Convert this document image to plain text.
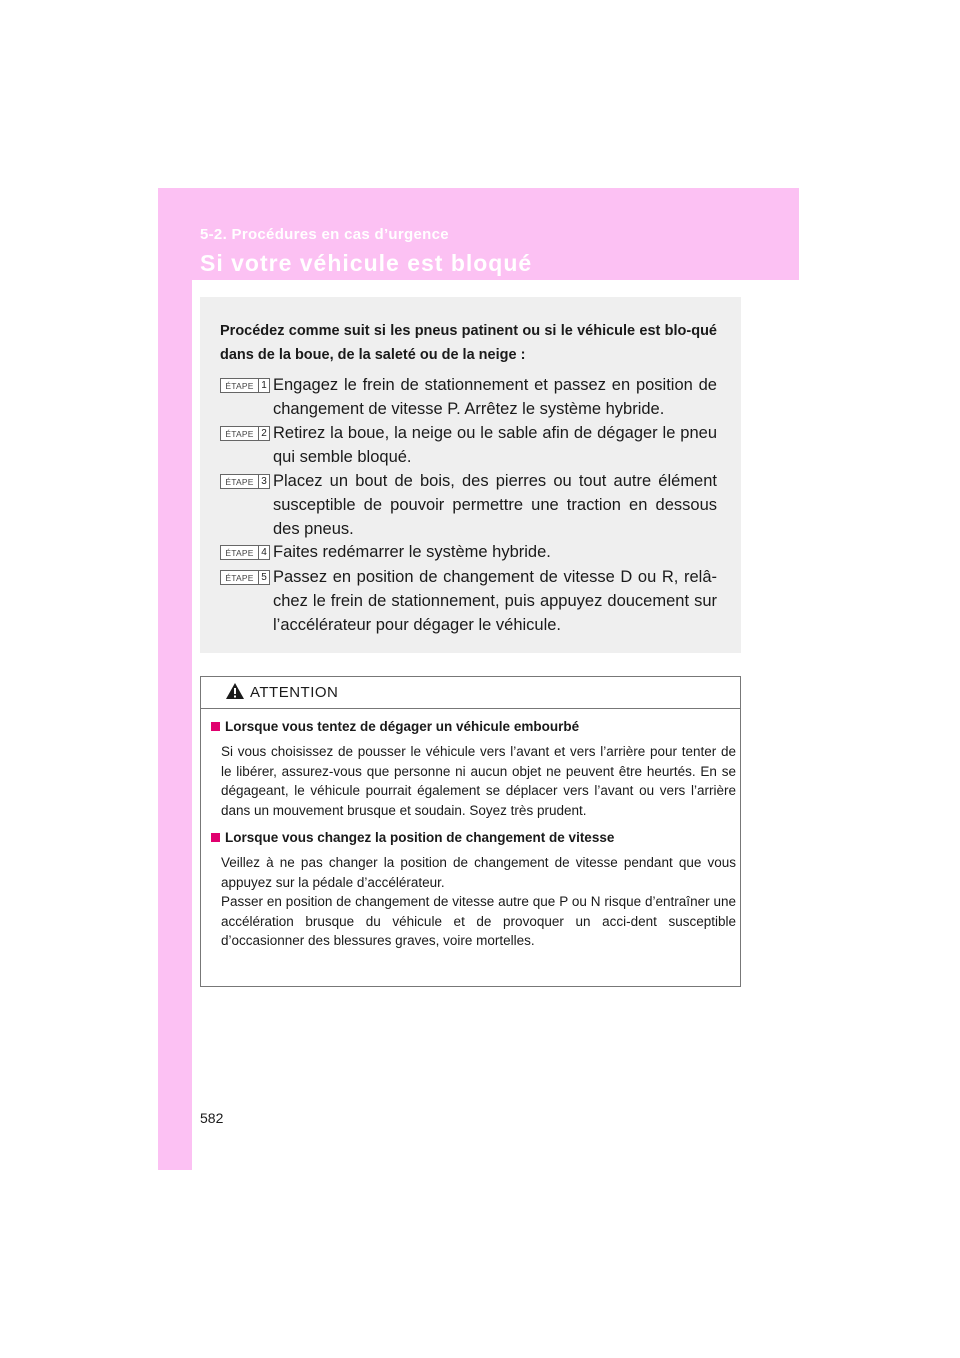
5-2. Procédures en cas d’urgence
Si votre véhicule est bloqué
Procédez comme suit si les pneus patinent ou si le véhicule est blo-qué dans de la boue, de la saleté ou de la neige :
ÉTAPE 1 Engagez le frein de stationnement et passez en position de changement de vitesse P. Arrêtez le système hybride.
ÉTAPE 2 Retirez la boue, la neige ou le sable afin de dégager le pneu qui semble bloqué.
ÉTAPE 3 Placez un bout de bois, des pierres ou tout autre élément susceptible de pouvoir permettre une traction en dessous des pneus.
ÉTAPE 4 Faites redémarrer le système hybride.
ÉTAPE 5 Passez en position de changement de vitesse D ou R, relâ-chez le frein de stationnement, puis appuyez doucement sur l’accélérateur pour dégager le véhicule.
ATTENTION
Lorsque vous tentez de dégager un véhicule embourbé
Si vous choisissez de pousser le véhicule vers l’avant et vers l’arrière pour tenter de le libérer, assurez-vous que personne ni aucun objet ne peuvent être heurtés. En se dégageant, le véhicule pourrait également se déplacer vers l’avant ou vers l’arrière dans un mouvement brusque et soudain. Soyez très prudent.
Lorsque vous changez la position de changement de vitesse
Veillez à ne pas changer la position de changement de vitesse pendant que vous appuyez sur la pédale d’accélérateur.
Passer en position de changement de vitesse autre que P ou N risque d’entraîner une accélération brusque du véhicule et de provoquer un acci-dent susceptible d’occasionner des blessures graves, voire mortelles.
582
